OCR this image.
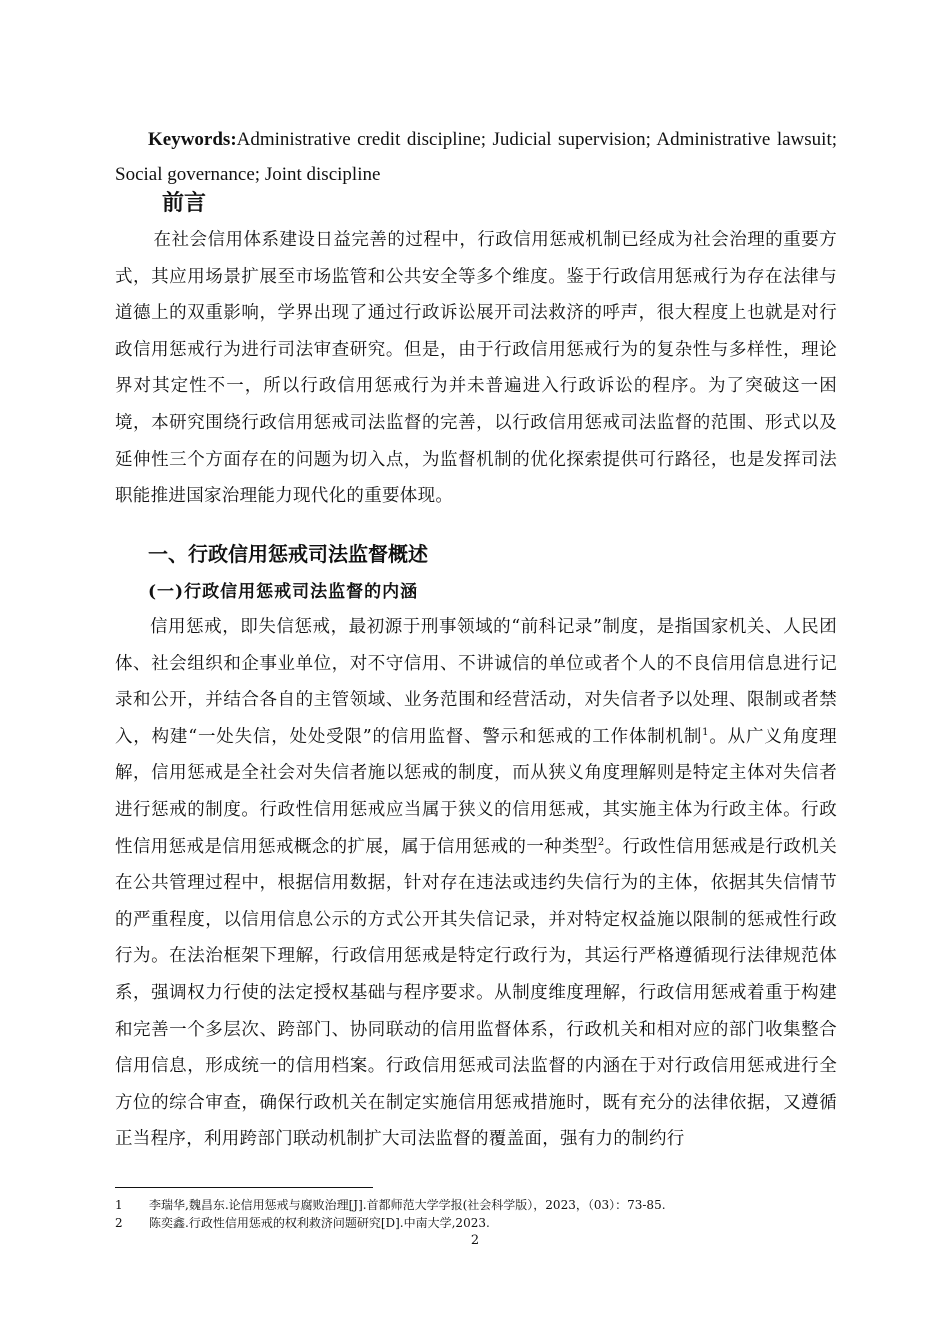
Keywords:Administrative credit discipline; Judicial supervision; Administrative lawsuit; Social governance; Joint discipline
前言
在社会信用体系建设日益完善的过程中，行政信用惩戒机制已经成为社会治理的重要方式，其应用场景扩展至市场监管和公共安全等多个维度。鉴于行政信用惩戒行为存在法律与道德上的双重影响，学界出现了通过行政诉讼展开司法救济的呼声，很大程度上也就是对行政信用惩戒行为进行司法审查研究。但是，由于行政信用惩戒行为的复杂性与多样性，理论界对其定性不一，所以行政信用惩戒行为并未普遍进入行政诉讼的程序。为了突破这一困境，本研究围绕行政信用惩戒司法监督的完善，以行政信用惩戒司法监督的范围、形式以及延伸性三个方面存在的问题为切入点，为监督机制的优化探索提供可行路径，也是发挥司法职能推进国家治理能力现代化的重要体现。
一、行政信用惩戒司法监督概述
(一)行政信用惩戒司法监督的内涵
信用惩戒，即失信惩戒，最初源于刑事领域的“前科记录”制度，是指国家机关、人民团体、社会组织和企事业单位，对不守信用、不讲诚信的单位或者个人的不良信用信息进行记录和公开，并结合各自的主管领域、业务范围和经营活动，对失信者予以处理、限制或者禁入，构建“一处失信，处处受限”的信用监督、警示和惩戒的工作体制机制$^1$。从广义角度理解，信用惩戒是全社会对失信者施以惩戒的制度，而从狭义角度理解则是特定主体对失信者进行惩戒的制度。行政性信用惩戒应当属于狭义的信用惩戒，其实施主体为行政主体。行政性信用惩戒是信用惩戒概念的扩展，属于信用惩戒的一种类型$^2$。行政性信用惩戒是行政机关在公共管理过程中，根据信用数据，针对存在违法或违约失信行为的主体，依据其失信情节的严重程度，以信用信息公示的方式公开其失信记录，并对特定权益施以限制的惩戒性行政行为。在法治框架下理解，行政信用惩戒是特定行政行为，其运行严格遵循现行法律规范体系，强调权力行使的法定授权基础与程序要求。从制度维度理解，行政信用惩戒着重于构建和完善一个多层次、跨部门、协同联动的信用监督体系，行政机关和相对应的部门收集整合信用信息，形成统一的信用档案。行政信用惩戒司法监督的内涵在于对行政信用惩戒进行全方位的综合审查，确保行政机关在制定实施信用惩戒措施时，既有充分的法律依据，又遵循正当程序，利用跨部门联动机制扩大司法监督的覆盖面，强有力的制约行
1 李瑞华,魏昌东.论信用惩戒与腐败治理[J].首都师范大学学报(社会科学版），2023，（03）：73-85.
2 陈奕鑫.行政性信用惩戒的权利救济问题研究[D].中南大学,2023.
2
